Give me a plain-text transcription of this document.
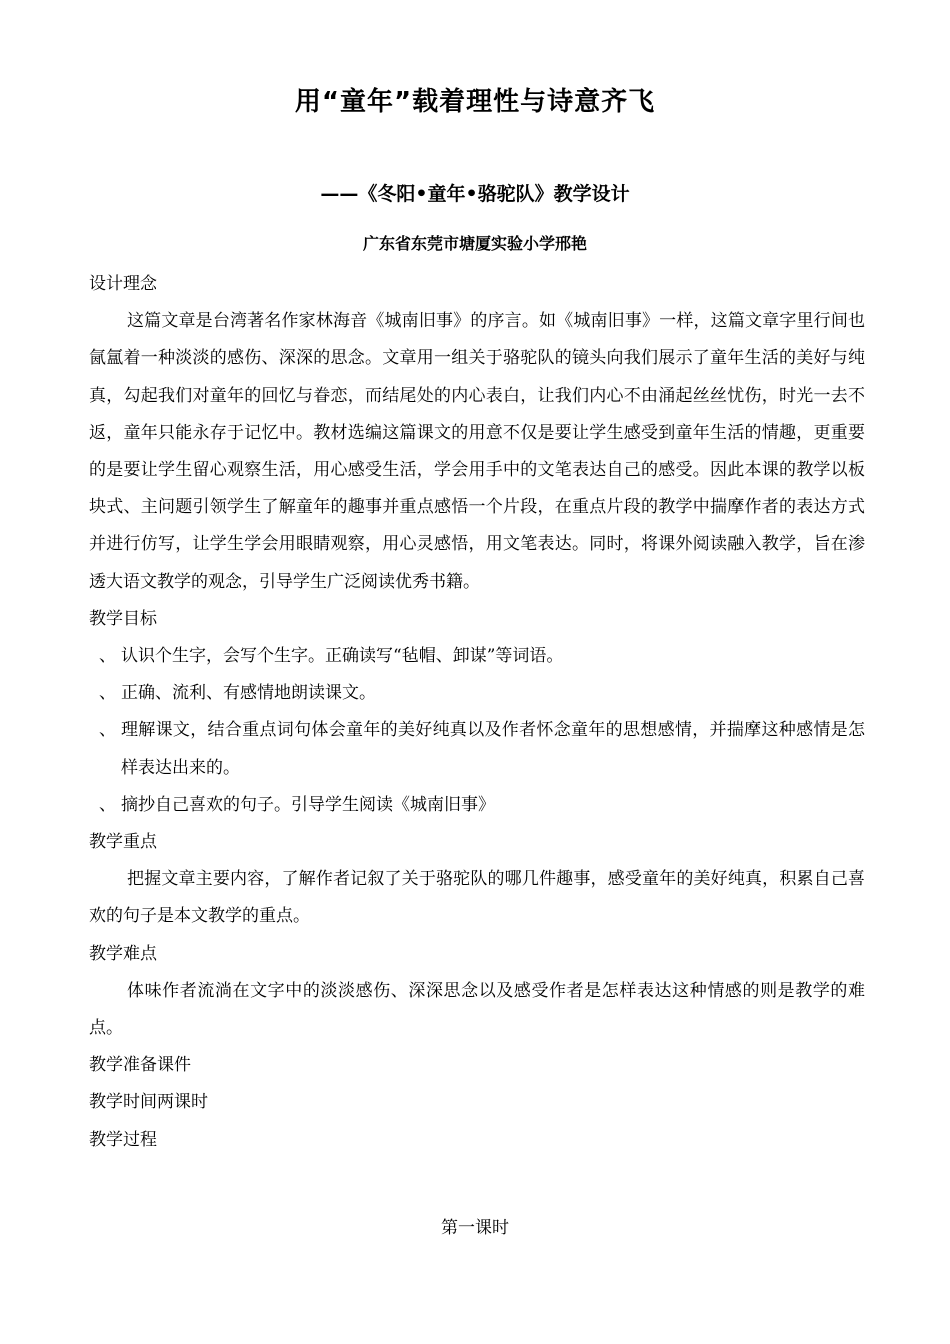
用“童年”载着理性与诗意齐飞
——《冬阳•童年•骆驼队》教学设计
广东省东莞市塘厦实验小学邢艳

设计理念

这篇文章是台湾著名作家林海音《城南旧事》的序言。如《城南旧事》一样，这篇文章字里行间也氤氲着一种淡淡的感伤、深深的思念。文章用一组关于骆驼队的镜头向我们展示了童年生活的美好与纯真，勾起我们对童年的回忆与眷恋，而结尾处的内心表白，让我们内心不由涌起丝丝忧伤，时光一去不返，童年只能永存于记忆中。教材选编这篇课文的用意不仅是要让学生感受到童年生活的情趣，更重要的是要让学生留心观察生活，用心感受生活，学会用手中的文笔表达自己的感受。因此本课的教学以板块式、主问题引领学生了解童年的趣事并重点感悟一个片段，在重点片段的教学中揣摩作者的表达方式并进行仿写，让学生学会用眼睛观察，用心灵感悟，用文笔表达。同时，将课外阅读融入教学，旨在渗透大语文教学的观念，引导学生广泛阅读优秀书籍。

教学目标

、 认识个生字，会写个生字。正确读写“毡帽、卸谋”等词语。
、 正确、流利、有感情地朗读课文。
、 理解课文，结合重点词句体会童年的美好纯真以及作者怀念童年的思想感情，并揣摩这种感情是怎样表达出来的。
、 摘抄自己喜欢的句子。引导学生阅读《城南旧事》

教学重点

把握文章主要内容，了解作者记叙了关于骆驼队的哪几件趣事，感受童年的美好纯真，积累自己喜欢的句子是本文教学的重点。

教学难点

体味作者流淌在文字中的淡淡感伤、深深思念以及感受作者是怎样表达这种情感的则是教学的难点。

教学准备课件

教学时间两课时

教学过程

第一课时
